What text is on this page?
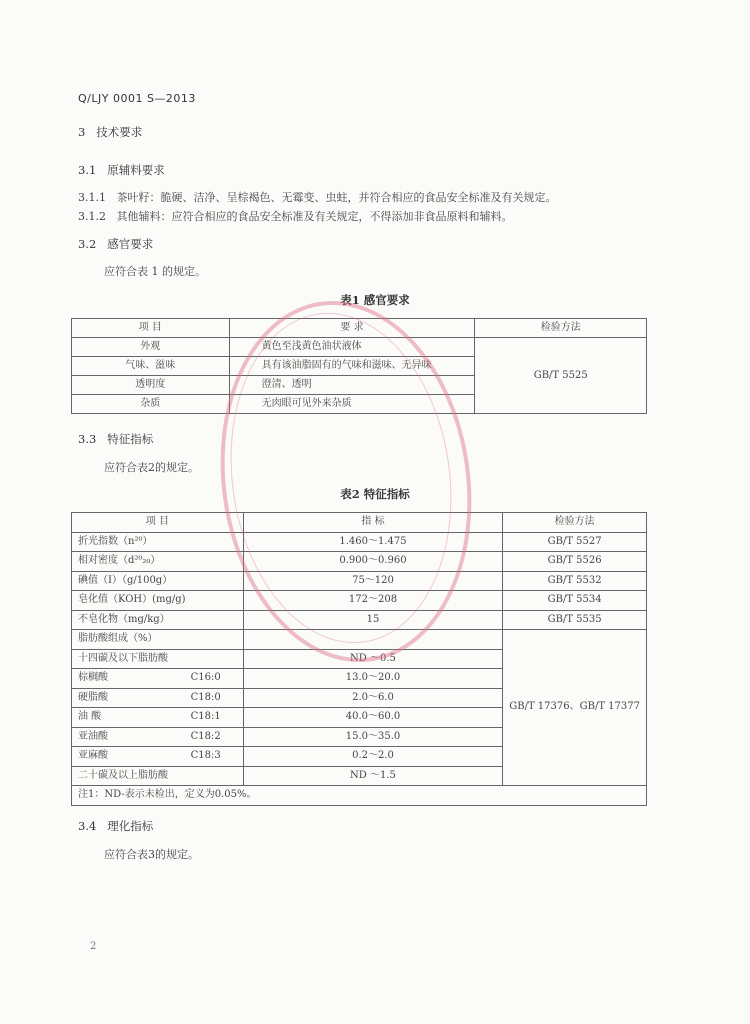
Q/LJY 0001 S—2013
3 技术要求
3.1 原辅料要求
3.1.1 茶叶籽：脆硬、洁净、呈棕褐色、无霉变、虫蛀，并符合相应的食品安全标准及有关规定。
3.1.2 其他辅料：应符合相应的食品安全标准及有关规定，不得添加非食品原料和辅料。
3.2 感官要求
应符合表 1 的规定。
表1 感官要求
项 目	要 求	检验方法
外观	黄色至浅黄色油状液体	GB/T 5525
气味、滋味	具有该油脂固有的气味和滋味、无异味	
透明度	澄清、透明	
杂质	无肉眼可见外来杂质	
3.3 特征指标
应符合表2的规定。
表2 特征指标
项 目	指 标	检验方法
折光指数（n²⁰）	1.460～1.475	GB/T 5527
相对密度（d²⁰₂₀）	0.900～0.960	GB/T 5526
碘值（I）（g/100g）	75～120	GB/T 5532
皂化值（KOH）(mg/g)	172～208	GB/T 5534
不皂化物（mg/kg）	15	GB/T 5535
脂肪酸组成（%）		GB/T 17376、GB/T 17377

十四碳及以下脂肪酸	ND ～0.5	

棕榈酸 C16:0	13.0～20.0	

硬脂酸 C18:0	2.0～6.0	

油 酸 C18:1	40.0～60.0	

亚油酸 C18:2	15.0～35.0	

亚麻酸 C18:3	0.2～2.0	

二十碳及以上脂肪酸	ND ～1.5	
注1：ND-表示未检出，定义为0.05%。		
3.4 理化指标
应符合表3的规定。
2
